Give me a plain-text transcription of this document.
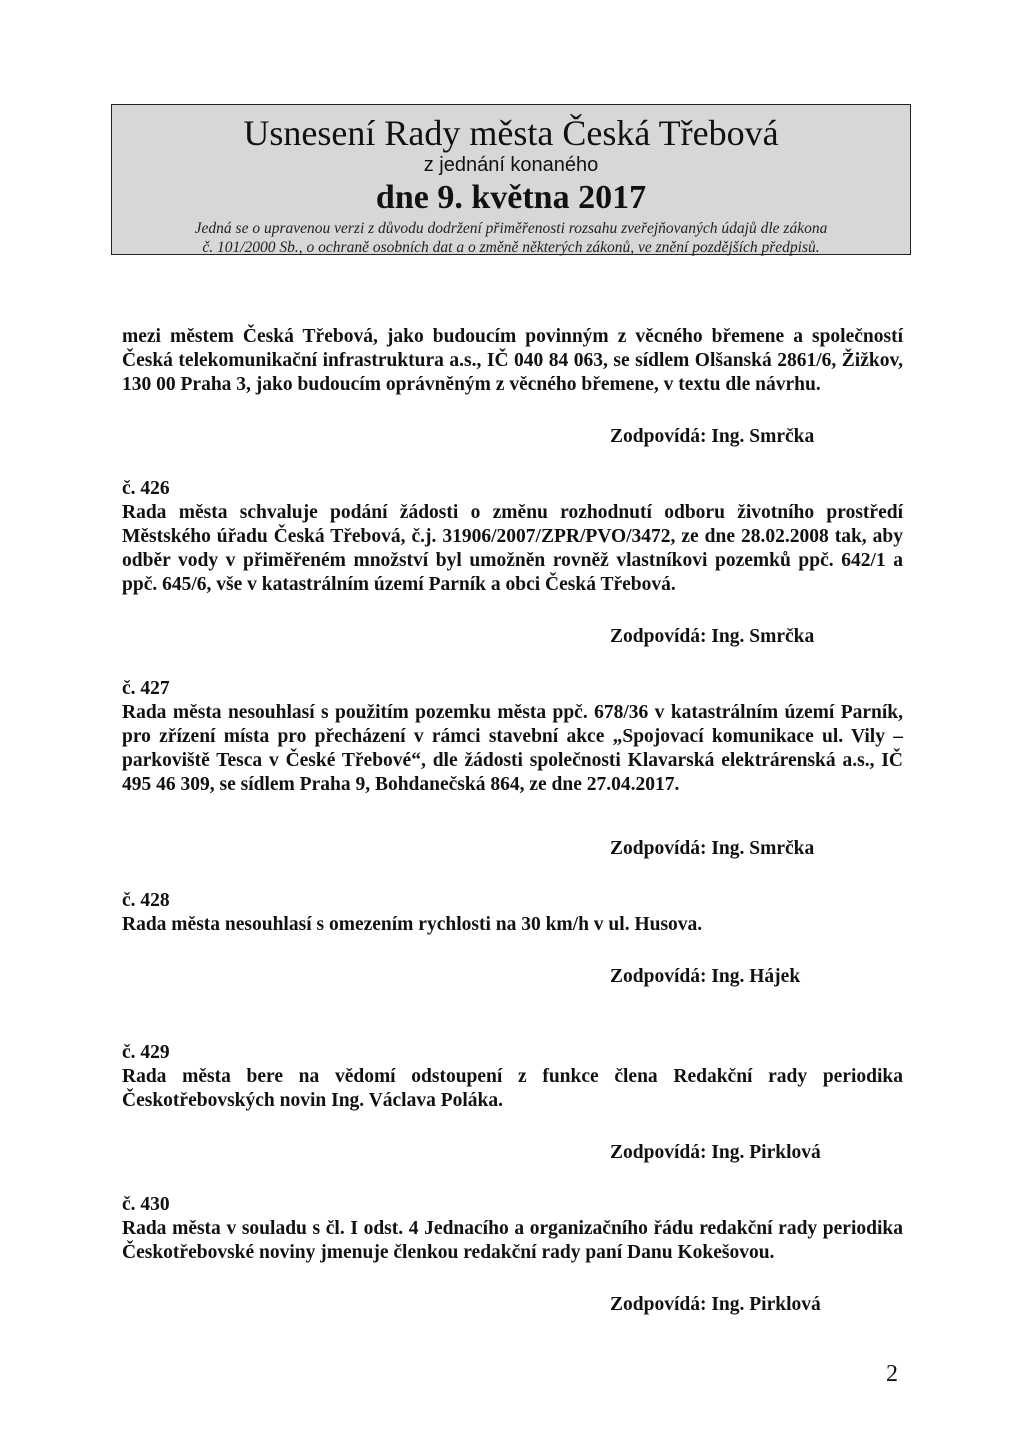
Usnesení Rady města Česká Třebová
z jednání konaného
dne 9. května 2017
Jedná se o upravenou verzi z důvodu dodržení přiměřenosti rozsahu zveřejňovaných údajů dle zákona
č. 101/2000 Sb., o ochraně osobních dat a o změně některých zákonů, ve znění pozdějších předpisů.

mezi městem Česká Třebová, jako budoucím povinným z věcného břemene a společností Česká telekomunikační infrastruktura a.s., IČ 040 84 063, se sídlem Olšanská 2861/6, Žižkov, 130 00 Praha 3, jako budoucím oprávněným z věcného břemene, v textu dle návrhu.

Zodpovídá: Ing. Smrčka
č. 426

Rada města schvaluje podání žádosti o změnu rozhodnutí odboru životního prostředí Městského úřadu Česká Třebová, č.j. 31906/2007/ZPR/PVO/3472, ze dne 28.02.2008 tak, aby odběr vody v přiměřeném množství byl umožněn rovněž vlastníkovi pozemků ppč. 642/1 a ppč. 645/6, vše v katastrálním území Parník a obci Česká Třebová.

Zodpovídá: Ing. Smrčka
č. 427

Rada města nesouhlasí s použitím pozemku města ppč. 678/36 v katastrálním území Parník, pro zřízení místa pro přecházení v rámci stavební akce „Spojovací komunikace ul. Vily – parkoviště Tesca v České Třebové“, dle žádosti společnosti Klavarská elektrárenská a.s., IČ 495 46 309, se sídlem Praha 9, Bohdanečská 864, ze dne 27.04.2017.

Zodpovídá: Ing. Smrčka
č. 428

Rada města nesouhlasí s omezením rychlosti na 30 km/h v ul. Husova.

Zodpovídá: Ing. Hájek
č. 429

Rada města bere na vědomí odstoupení z funkce člena Redakční rady periodika Českotřebovských novin Ing. Václava Poláka.

Zodpovídá: Ing. Pirklová
č. 430

Rada města v souladu s čl. I odst. 4 Jednacího a organizačního řádu redakční rady periodika Českotřebovské noviny jmenuje členkou redakční rady paní Danu Kokešovou.

Zodpovídá: Ing. Pirklová
2
